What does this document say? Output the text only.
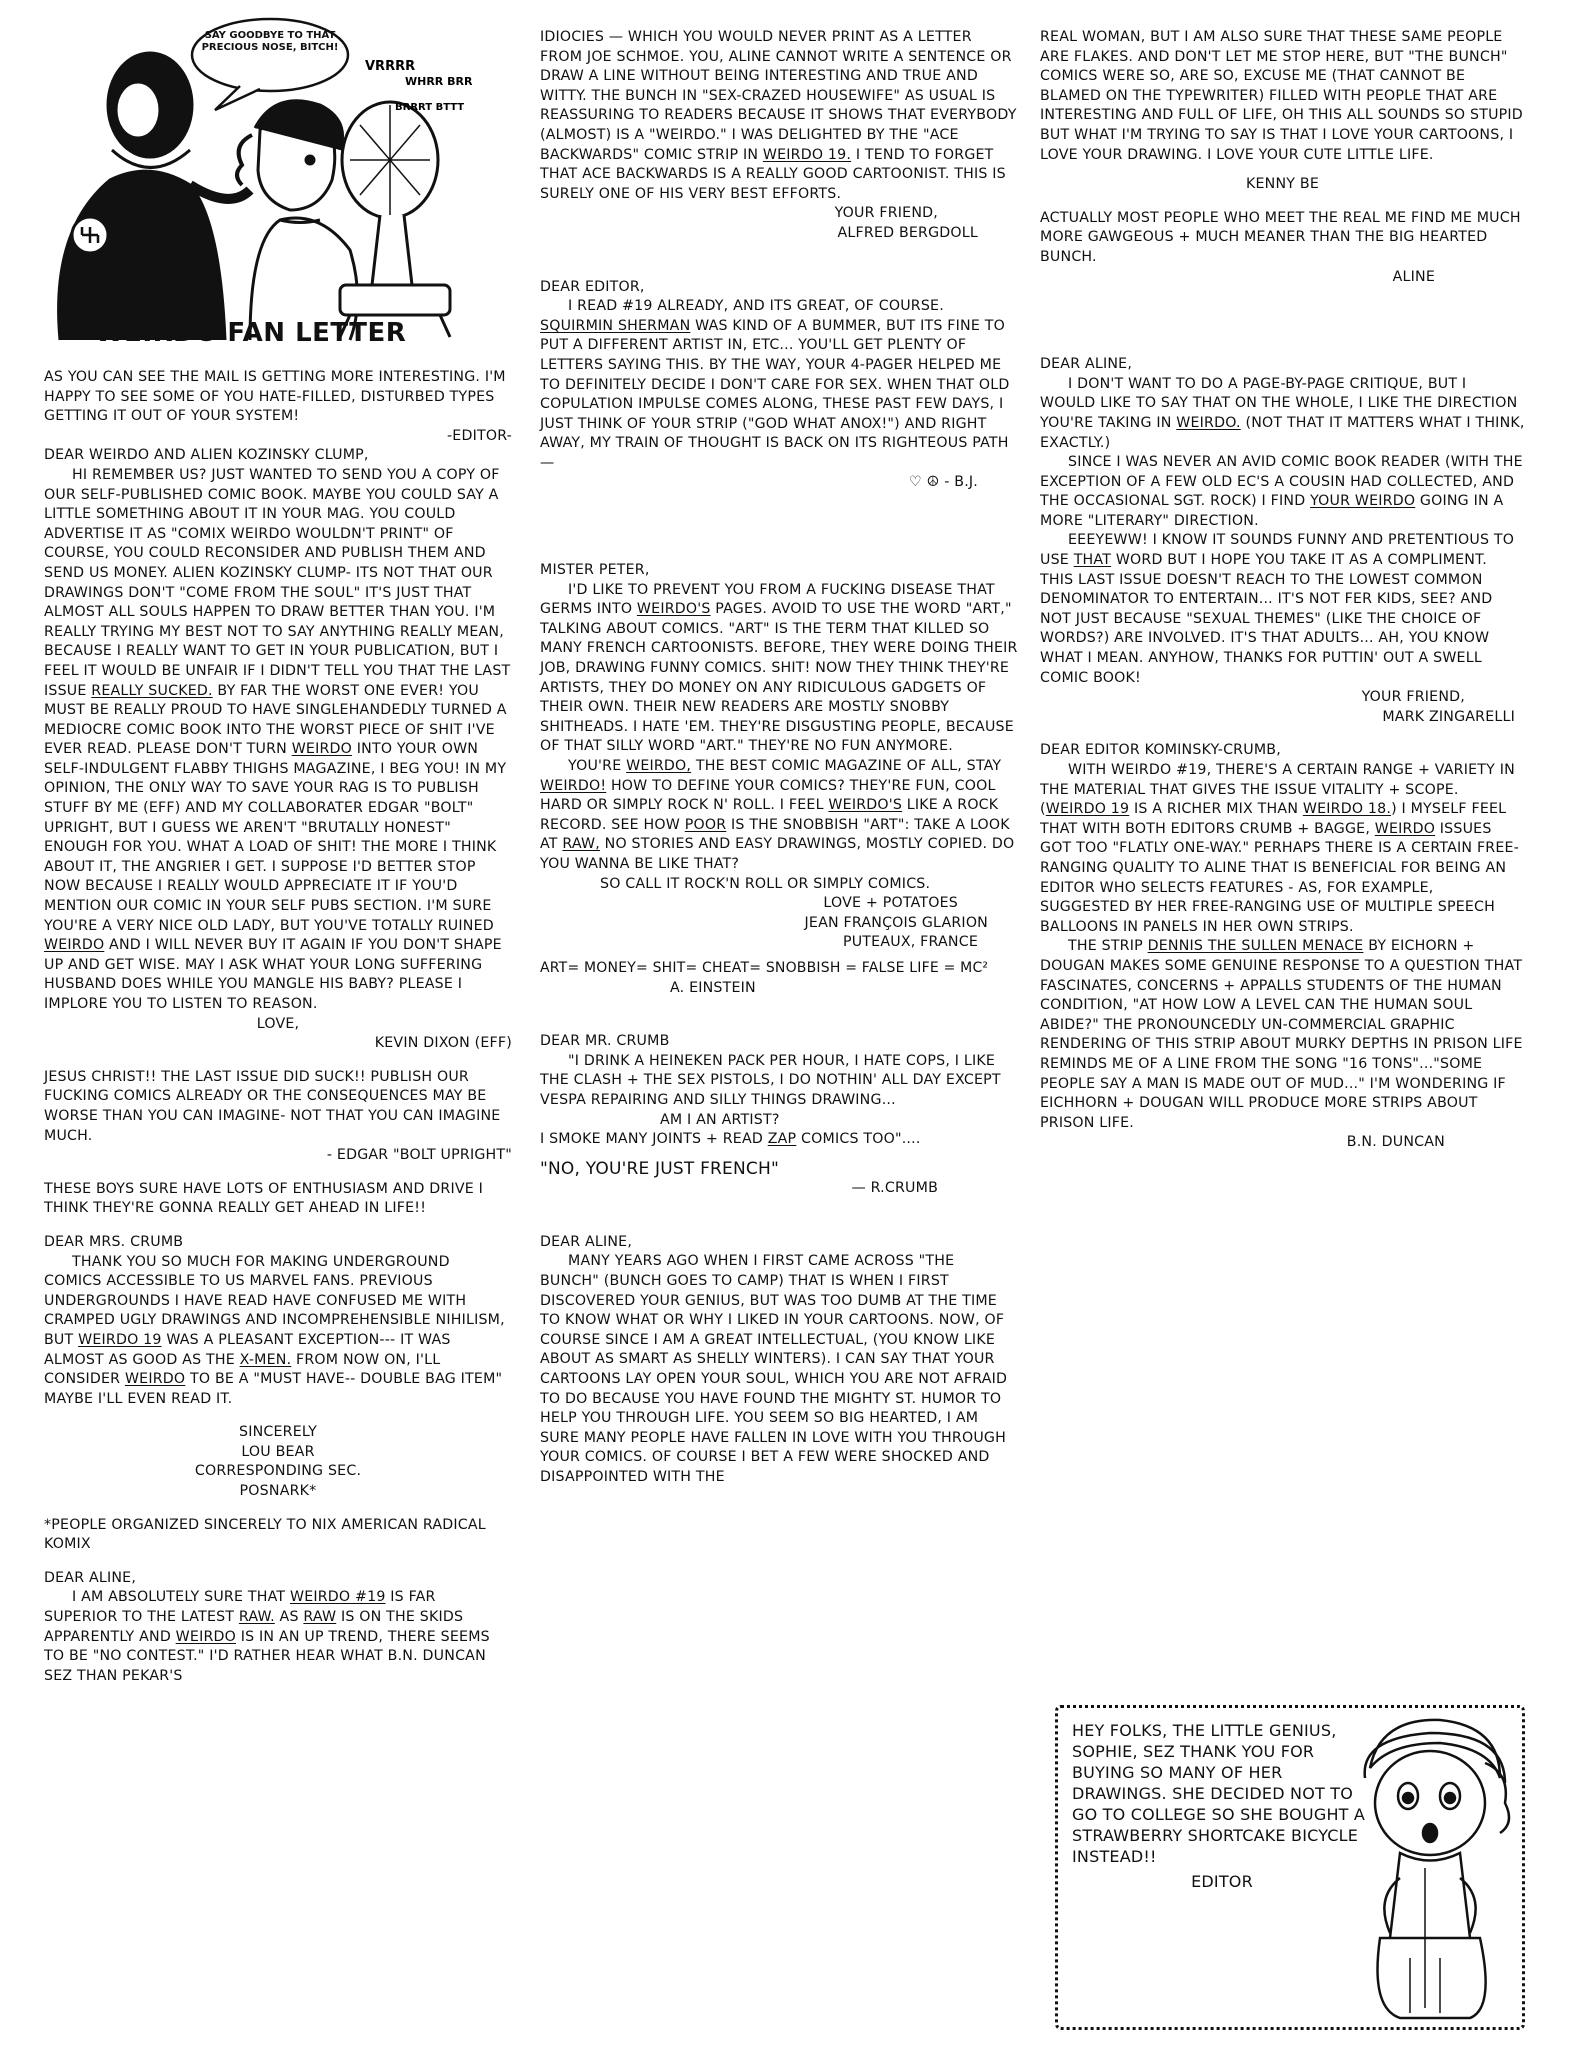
SAY GOODBYE TO THAT PRECIOUS NOSE, BITCH!
VRRRR
WHRR BRR
BRRRT BTTT
WEIRDO FAN LETTER

AS YOU CAN SEE THE MAIL IS GETTING MORE INTERESTING. I'M HAPPY TO SEE SOME OF YOU HATE-FILLED, DISTURBED TYPES GETTING IT OUT OF YOUR SYSTEM!

-EDITOR-

DEAR WEIRDO AND ALIEN KOZINSKY CLUMP,

HI REMEMBER US? JUST WANTED TO SEND YOU A COPY OF OUR SELF-PUBLISHED COMIC BOOK. MAYBE YOU COULD SAY A LITTLE SOMETHING ABOUT IT IN YOUR MAG. YOU COULD ADVERTISE IT AS "COMIX WEIRDO WOULDN'T PRINT" OF COURSE, YOU COULD RECONSIDER AND PUBLISH THEM AND SEND US MONEY. ALIEN KOZINSKY CLUMP- ITS NOT THAT OUR DRAWINGS DON'T "COME FROM THE SOUL" IT'S JUST THAT ALMOST ALL SOULS HAPPEN TO DRAW BETTER THAN YOU. I'M REALLY TRYING MY BEST NOT TO SAY ANYTHING REALLY MEAN, BECAUSE I REALLY WANT TO GET IN YOUR PUBLICATION, BUT I FEEL IT WOULD BE UNFAIR IF I DIDN'T TELL YOU THAT THE LAST ISSUE REALLY SUCKED. BY FAR THE WORST ONE EVER! YOU MUST BE REALLY PROUD TO HAVE SINGLEHANDEDLY TURNED A MEDIOCRE COMIC BOOK INTO THE WORST PIECE OF SHIT I'VE EVER READ. PLEASE DON'T TURN WEIRDO INTO YOUR OWN SELF-INDULGENT FLABBY THIGHS MAGAZINE, I BEG YOU! IN MY OPINION, THE ONLY WAY TO SAVE YOUR RAG IS TO PUBLISH STUFF BY ME (EFF) AND MY COLLABORATER EDGAR "BOLT" UPRIGHT, BUT I GUESS WE AREN'T "BRUTALLY HONEST" ENOUGH FOR YOU. WHAT A LOAD OF SHIT! THE MORE I THINK ABOUT IT, THE ANGRIER I GET. I SUPPOSE I'D BETTER STOP NOW BECAUSE I REALLY WOULD APPRECIATE IT IF YOU'D MENTION OUR COMIC IN YOUR SELF PUBS SECTION. I'M SURE YOU'RE A VERY NICE OLD LADY, BUT YOU'VE TOTALLY RUINED WEIRDO AND I WILL NEVER BUY IT AGAIN IF YOU DON'T SHAPE UP AND GET WISE. MAY I ASK WHAT YOUR LONG SUFFERING HUSBAND DOES WHILE YOU MANGLE HIS BABY? PLEASE I IMPLORE YOU TO LISTEN TO REASON.

LOVE,

KEVIN DIXON (EFF)

JESUS CHRIST!! THE LAST ISSUE DID SUCK!! PUBLISH OUR FUCKING COMICS ALREADY OR THE CONSEQUENCES MAY BE WORSE THAN YOU CAN IMAGINE- NOT THAT YOU CAN IMAGINE MUCH.

- EDGAR "BOLT UPRIGHT"

THESE BOYS SURE HAVE LOTS OF ENTHUSIASM AND DRIVE I THINK THEY'RE GONNA REALLY GET AHEAD IN LIFE!!

DEAR MRS. CRUMB

THANK YOU SO MUCH FOR MAKING UNDERGROUND COMICS ACCESSIBLE TO US MARVEL FANS. PREVIOUS UNDERGROUNDS I HAVE READ HAVE CONFUSED ME WITH CRAMPED UGLY DRAWINGS AND INCOMPREHENSIBLE NIHILISM, BUT WEIRDO 19 WAS A PLEASANT EXCEPTION--- IT WAS ALMOST AS GOOD AS THE X-MEN. FROM NOW ON, I'LL CONSIDER WEIRDO TO BE A "MUST HAVE-- DOUBLE BAG ITEM" MAYBE I'LL EVEN READ IT.

SINCERELY

LOU BEAR

CORRESPONDING SEC.

POSNARK*

*PEOPLE ORGANIZED SINCERELY TO NIX AMERICAN RADICAL KOMIX

DEAR ALINE,

I AM ABSOLUTELY SURE THAT WEIRDO #19 IS FAR SUPERIOR TO THE LATEST RAW. AS RAW IS ON THE SKIDS APPARENTLY AND WEIRDO IS IN AN UP TREND, THERE SEEMS TO BE "NO CONTEST." I'D RATHER HEAR WHAT B.N. DUNCAN SEZ THAN PEKAR'S

IDIOCIES — WHICH YOU WOULD NEVER PRINT AS A LETTER FROM JOE SCHMOE. YOU, ALINE CANNOT WRITE A SENTENCE OR DRAW A LINE WITHOUT BEING INTERESTING AND TRUE AND WITTY. THE BUNCH IN "SEX-CRAZED HOUSEWIFE" AS USUAL IS REASSURING TO READERS BECAUSE IT SHOWS THAT EVERYBODY (ALMOST) IS A "WEIRDO." I WAS DELIGHTED BY THE "ACE BACKWARDS" COMIC STRIP IN WEIRDO 19. I TEND TO FORGET THAT ACE BACKWARDS IS A REALLY GOOD CARTOONIST. THIS IS SURELY ONE OF HIS VERY BEST EFFORTS.

YOUR FRIEND,

ALFRED BERGDOLL

DEAR EDITOR,

I READ #19 ALREADY, AND ITS GREAT, OF COURSE. SQUIRMIN SHERMAN WAS KIND OF A BUMMER, BUT ITS FINE TO PUT A DIFFERENT ARTIST IN, ETC... YOU'LL GET PLENTY OF LETTERS SAYING THIS. BY THE WAY, YOUR 4-PAGER HELPED ME TO DEFINITELY DECIDE I DON'T CARE FOR SEX. WHEN THAT OLD COPULATION IMPULSE COMES ALONG, THESE PAST FEW DAYS, I JUST THINK OF YOUR STRIP ("GOD WHAT ANOX!") AND RIGHT AWAY, MY TRAIN OF THOUGHT IS BACK ON ITS RIGHTEOUS PATH —

♡ ☮ - B.J.

MISTER PETER,

I'D LIKE TO PREVENT YOU FROM A FUCKING DISEASE THAT GERMS INTO WEIRDO'S PAGES. AVOID TO USE THE WORD "ART," TALKING ABOUT COMICS. "ART" IS THE TERM THAT KILLED SO MANY FRENCH CARTOONISTS. BEFORE, THEY WERE DOING THEIR JOB, DRAWING FUNNY COMICS. SHIT! NOW THEY THINK THEY'RE ARTISTS, THEY DO MONEY ON ANY RIDICULOUS GADGETS OF THEIR OWN. THEIR NEW READERS ARE MOSTLY SNOBBY SHITHEADS. I HATE 'EM. THEY'RE DISGUSTING PEOPLE, BECAUSE OF THAT SILLY WORD "ART." THEY'RE NO FUN ANYMORE.

YOU'RE WEIRDO, THE BEST COMIC MAGAZINE OF ALL, STAY WEIRDO! HOW TO DEFINE YOUR COMICS? THEY'RE FUN, COOL HARD OR SIMPLY ROCK N' ROLL. I FEEL WEIRDO'S LIKE A ROCK RECORD. SEE HOW POOR IS THE SNOBBISH "ART": TAKE A LOOK AT RAW, NO STORIES AND EASY DRAWINGS, MOSTLY COPIED. DO YOU WANNA BE LIKE THAT?

SO CALL IT ROCK'N ROLL OR SIMPLY COMICS.

LOVE + POTATOES

JEAN FRANÇOIS GLARION

PUTEAUX, FRANCE

ART= MONEY= SHIT= CHEAT= SNOBBISH = FALSE LIFE = MC²

A. EINSTEIN

DEAR MR. CRUMB

"I DRINK A HEINEKEN PACK PER HOUR, I HATE COPS, I LIKE THE CLASH + THE SEX PISTOLS, I DO NOTHIN' ALL DAY EXCEPT VESPA REPAIRING AND SILLY THINGS DRAWING...

AM I AN ARTIST?

I SMOKE MANY JOINTS + READ ZAP COMICS TOO"....

"NO, YOU'RE JUST FRENCH"

— R.CRUMB

DEAR ALINE,

MANY YEARS AGO WHEN I FIRST CAME ACROSS "THE BUNCH" (BUNCH GOES TO CAMP) THAT IS WHEN I FIRST DISCOVERED YOUR GENIUS, BUT WAS TOO DUMB AT THE TIME TO KNOW WHAT OR WHY I LIKED IN YOUR CARTOONS. NOW, OF COURSE SINCE I AM A GREAT INTELLECTUAL, (YOU KNOW LIKE ABOUT AS SMART AS SHELLY WINTERS). I CAN SAY THAT YOUR CARTOONS LAY OPEN YOUR SOUL, WHICH YOU ARE NOT AFRAID TO DO BECAUSE YOU HAVE FOUND THE MIGHTY ST. HUMOR TO HELP YOU THROUGH LIFE. YOU SEEM SO BIG HEARTED, I AM SURE MANY PEOPLE HAVE FALLEN IN LOVE WITH YOU THROUGH YOUR COMICS. OF COURSE I BET A FEW WERE SHOCKED AND DISAPPOINTED WITH THE

REAL WOMAN, BUT I AM ALSO SURE THAT THESE SAME PEOPLE ARE FLAKES. AND DON'T LET ME STOP HERE, BUT "THE BUNCH" COMICS WERE SO, ARE SO, EXCUSE ME (THAT CANNOT BE BLAMED ON THE TYPEWRITER) FILLED WITH PEOPLE THAT ARE INTERESTING AND FULL OF LIFE, OH THIS ALL SOUNDS SO STUPID BUT WHAT I'M TRYING TO SAY IS THAT I LOVE YOUR CARTOONS, I LOVE YOUR DRAWING. I LOVE YOUR CUTE LITTLE LIFE.

KENNY BE

ACTUALLY MOST PEOPLE WHO MEET THE REAL ME FIND ME MUCH MORE GAWGEOUS + MUCH MEANER THAN THE BIG HEARTED BUNCH.

ALINE

DEAR ALINE,

I DON'T WANT TO DO A PAGE-BY-PAGE CRITIQUE, BUT I WOULD LIKE TO SAY THAT ON THE WHOLE, I LIKE THE DIRECTION YOU'RE TAKING IN WEIRDO. (NOT THAT IT MATTERS WHAT I THINK, EXACTLY.)

SINCE I WAS NEVER AN AVID COMIC BOOK READER (WITH THE EXCEPTION OF A FEW OLD EC'S A COUSIN HAD COLLECTED, AND THE OCCASIONAL SGT. ROCK) I FIND YOUR WEIRDO GOING IN A MORE "LITERARY" DIRECTION.

EEEYEWW! I KNOW IT SOUNDS FUNNY AND PRETENTIOUS TO USE THAT WORD BUT I HOPE YOU TAKE IT AS A COMPLIMENT. THIS LAST ISSUE DOESN'T REACH TO THE LOWEST COMMON DENOMINATOR TO ENTERTAIN... IT'S NOT FER KIDS, SEE? AND NOT JUST BECAUSE "SEXUAL THEMES" (LIKE THE CHOICE OF WORDS?) ARE INVOLVED. IT'S THAT ADULTS... AH, YOU KNOW WHAT I MEAN. ANYHOW, THANKS FOR PUTTIN' OUT A SWELL COMIC BOOK!

YOUR FRIEND,

MARK ZINGARELLI

DEAR EDITOR KOMINSKY-CRUMB,

WITH WEIRDO #19, THERE'S A CERTAIN RANGE + VARIETY IN THE MATERIAL THAT GIVES THE ISSUE VITALITY + SCOPE. (WEIRDO 19 IS A RICHER MIX THAN WEIRDO 18.) I MYSELF FEEL THAT WITH BOTH EDITORS CRUMB + BAGGE, WEIRDO ISSUES GOT TOO "FLATLY ONE-WAY." PERHAPS THERE IS A CERTAIN FREE-RANGING QUALITY TO ALINE THAT IS BENEFICIAL FOR BEING AN EDITOR WHO SELECTS FEATURES - AS, FOR EXAMPLE, SUGGESTED BY HER FREE-RANGING USE OF MULTIPLE SPEECH BALLOONS IN PANELS IN HER OWN STRIPS.

THE STRIP DENNIS THE SULLEN MENACE BY EICHORN + DOUGAN MAKES SOME GENUINE RESPONSE TO A QUESTION THAT FASCINATES, CONCERNS + APPALLS STUDENTS OF THE HUMAN CONDITION, "AT HOW LOW A LEVEL CAN THE HUMAN SOUL ABIDE?" THE PRONOUNCEDLY UN-COMMERCIAL GRAPHIC RENDERING OF THIS STRIP ABOUT MURKY DEPTHS IN PRISON LIFE REMINDS ME OF A LINE FROM THE SONG "16 TONS"..."SOME PEOPLE SAY A MAN IS MADE OUT OF MUD..." I'M WONDERING IF EICHHORN + DOUGAN WILL PRODUCE MORE STRIPS ABOUT PRISON LIFE.

B.N. DUNCAN

HEY FOLKS, THE LITTLE GENIUS, SOPHIE, SEZ THANK YOU FOR BUYING SO MANY OF HER DRAWINGS. SHE DECIDED NOT TO GO TO COLLEGE SO SHE BOUGHT A STRAWBERRY SHORTCAKE BICYCLE INSTEAD!!

EDITOR
